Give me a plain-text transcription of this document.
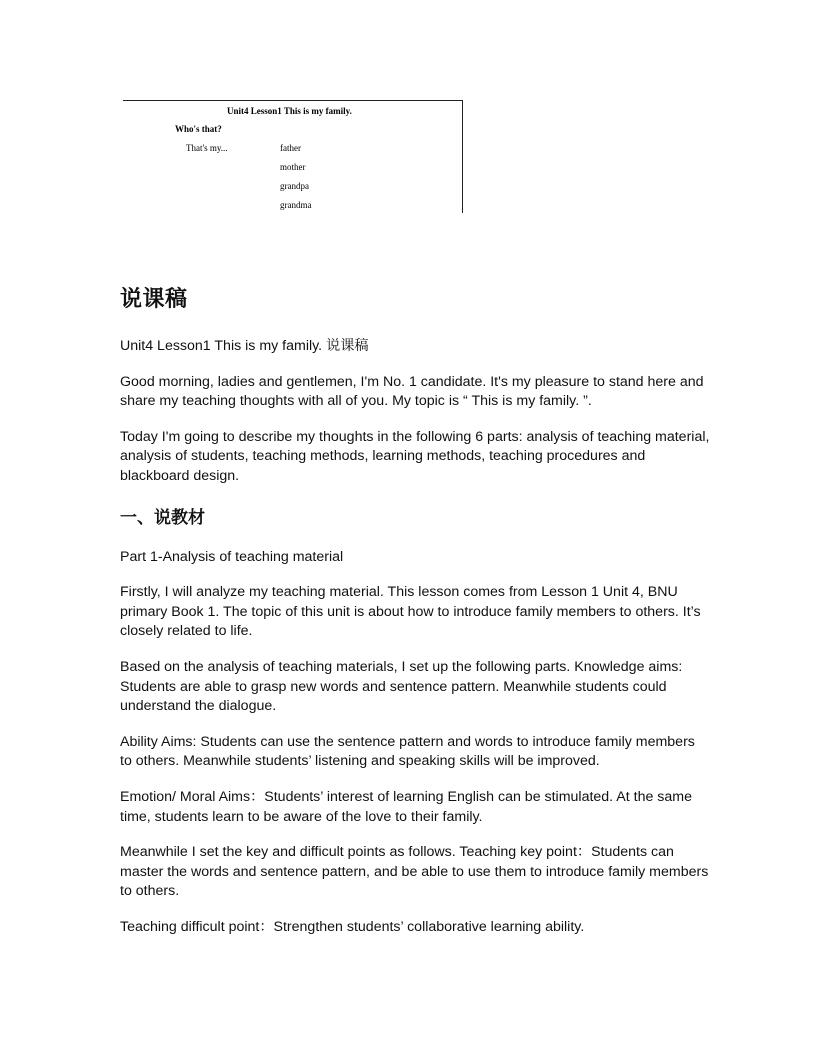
Unit4 Lesson1 This is my family.
Who's that?
That's my...	father
mother
grandpa
grandma
说课稿

Unit4 Lesson1 This is my family. 说课稿

Good morning, ladies and gentlemen, I'm No. 1 candidate. It's my pleasure to stand here and share my teaching thoughts with all of you. My topic is “ This is my family. ”.

Today I'm going to describe my thoughts in the following 6 parts: analysis of teaching material, analysis of students, teaching methods, learning methods, teaching procedures and blackboard design.

一、说教材

Part 1-Analysis of teaching material

Firstly, I will analyze my teaching material. This lesson comes from Lesson 1 Unit 4, BNU primary Book 1. The topic of this unit is about how to introduce family members to others. It’s closely related to life.

Based on the analysis of teaching materials, I set up the following parts. Knowledge aims: Students are able to grasp new words and sentence pattern. Meanwhile students could understand the dialogue.

Ability Aims: Students can use the sentence pattern and words to introduce family members to others. Meanwhile students’ listening and speaking skills will be improved.

Emotion/ Moral Aims：Students’ interest of learning English can be stimulated. At the same time, students learn to be aware of the love to their family.

Meanwhile I set the key and difficult points as follows. Teaching key point：Students can master the words and sentence pattern, and be able to use them to introduce family members to others.

Teaching difficult point：Strengthen students’ collaborative learning ability.
